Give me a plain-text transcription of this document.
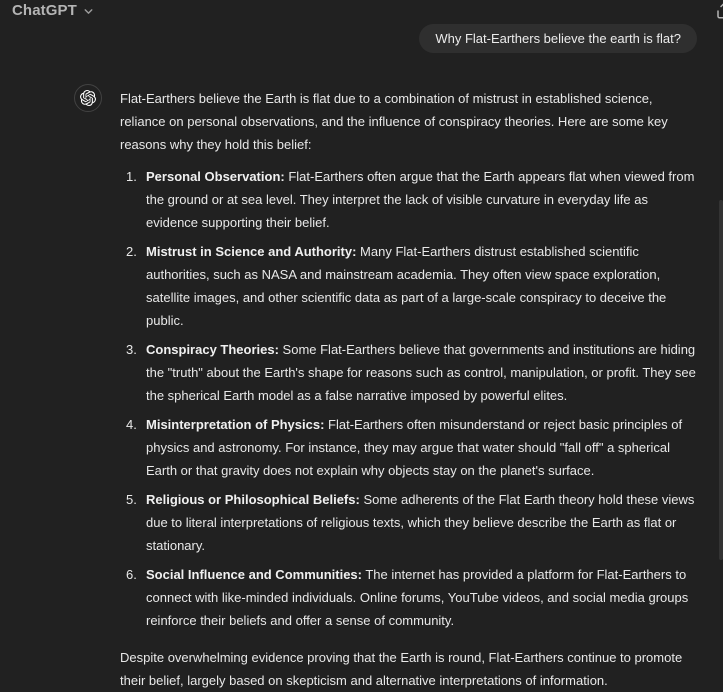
ChatGPT
Why Flat-Earthers believe the earth is flat?

Flat-Earthers believe the Earth is flat due to a combination of mistrust in established science, reliance on personal observations, and the influence of conspiracy theories. Here are some key reasons why they hold this belief:

1. Personal Observation: Flat-Earthers often argue that the Earth appears flat when viewed from the ground or at sea level. They interpret the lack of visible curvature in everyday life as evidence supporting their belief.
2. Mistrust in Science and Authority: Many Flat-Earthers distrust established scientific authorities, such as NASA and mainstream academia. They often view space exploration, satellite images, and other scientific data as part of a large-scale conspiracy to deceive the public.
3. Conspiracy Theories: Some Flat-Earthers believe that governments and institutions are hiding the "truth" about the Earth's shape for reasons such as control, manipulation, or profit. They see the spherical Earth model as a false narrative imposed by powerful elites.
4. Misinterpretation of Physics: Flat-Earthers often misunderstand or reject basic principles of physics and astronomy. For instance, they may argue that water should "fall off" a spherical Earth or that gravity does not explain why objects stay on the planet's surface.
5. Religious or Philosophical Beliefs: Some adherents of the Flat Earth theory hold these views due to literal interpretations of religious texts, which they believe describe the Earth as flat or stationary.
6. Social Influence and Communities: The internet has provided a platform for Flat-Earthers to connect with like-minded individuals. Online forums, YouTube videos, and social media groups reinforce their beliefs and offer a sense of community.

Despite overwhelming evidence proving that the Earth is round, Flat-Earthers continue to promote their belief, largely based on skepticism and alternative interpretations of information.
